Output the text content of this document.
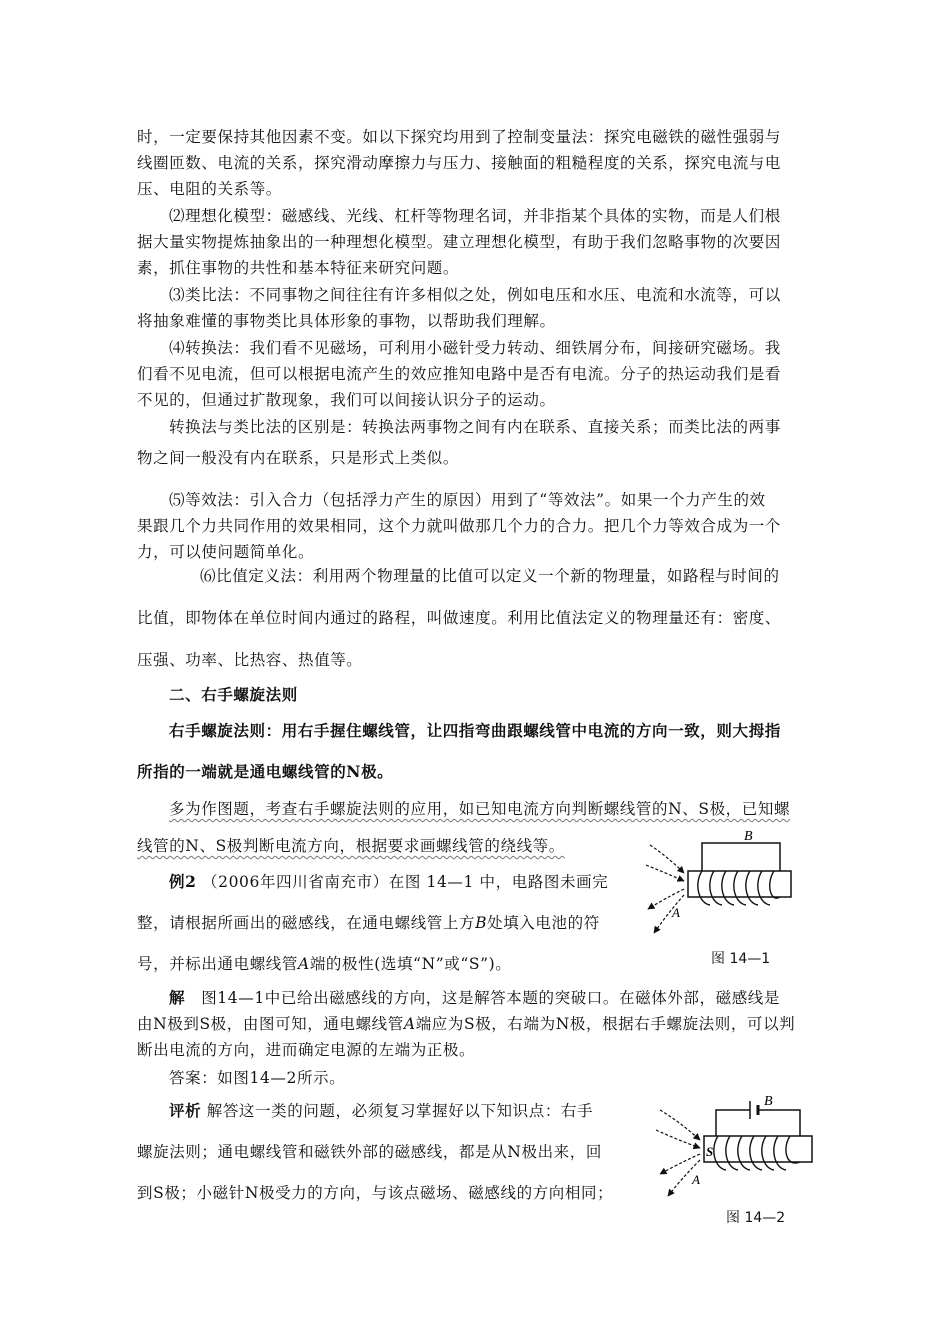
时，一定要保持其他因素不变。如以下探究均用到了控制变量法：探究电磁铁的磁性强弱与
线圈匝数、电流的关系，探究滑动摩擦力与压力、接触面的粗糙程度的关系，探究电流与电
压、电阻的关系等。
⑵理想化模型：磁感线、光线、杠杆等物理名词，并非指某个具体的实物，而是人们根
据大量实物提炼抽象出的一种理想化模型。建立理想化模型，有助于我们忽略事物的次要因
素，抓住事物的共性和基本特征来研究问题。
⑶类比法：不同事物之间往往有许多相似之处，例如电压和水压、电流和水流等，可以
将抽象难懂的事物类比具体形象的事物，以帮助我们理解。
⑷转换法：我们看不见磁场，可利用小磁针受力转动、细铁屑分布，间接研究磁场。我
们看不见电流，但可以根据电流产生的效应推知电路中是否有电流。分子的热运动我们是看
不见的，但通过扩散现象，我们可以间接认识分子的运动。
转换法与类比法的区别是：转换法两事物之间有内在联系、直接关系；而类比法的两事
物之间一般没有内在联系，只是形式上类似。
⑸等效法：引入合力（包括浮力产生的原因）用到了“等效法”。如果一个力产生的效
果跟几个力共同作用的效果相同，这个力就叫做那几个力的合力。把几个力等效合成为一个
力，可以使问题简单化。
⑹比值定义法：利用两个物理量的比值可以定义一个新的物理量，如路程与时间的
比值，即物体在单位时间内通过的路程，叫做速度。利用比值法定义的物理量还有：密度、
压强、功率、比热容、热值等。
二、右手螺旋法则
右手螺旋法则：用右手握住螺线管，让四指弯曲跟螺线管中电流的方向一致，则大拇指
所指的一端就是通电螺线管的N极。
多为作图题，考查右手螺旋法则的应用，如已知电流方向判断螺线管的N、S极，已知螺
线管的N、S极判断电流方向，根据要求画螺线管的绕线等。
例2 （2006年四川省南充市）在图 14—1 中，电路图未画完
整，请根据所画出的磁感线，在通电螺线管上方B处填入电池的符
号，并标出通电螺线管A端的极性(选填“N”或“S”)。
解　图14—1中已给出磁感线的方向，这是解答本题的突破口。在磁体外部，磁感线是
由N极到S极，由图可知，通电螺线管A端应为S极，右端为N极，根据右手螺旋法则，可以判
断出电流的方向，进而确定电源的左端为正极。
答案：如图14—2所示。
评析 解答这一类的问题，必须复习掌握好以下知识点：右手
螺旋法则；通电螺线管和磁铁外部的磁感线，都是从N极出来，回
到S极；小磁针N极受力的方向，与该点磁场、磁感线的方向相同；
B
A
图 14—1
B
S
A
图 14—2
